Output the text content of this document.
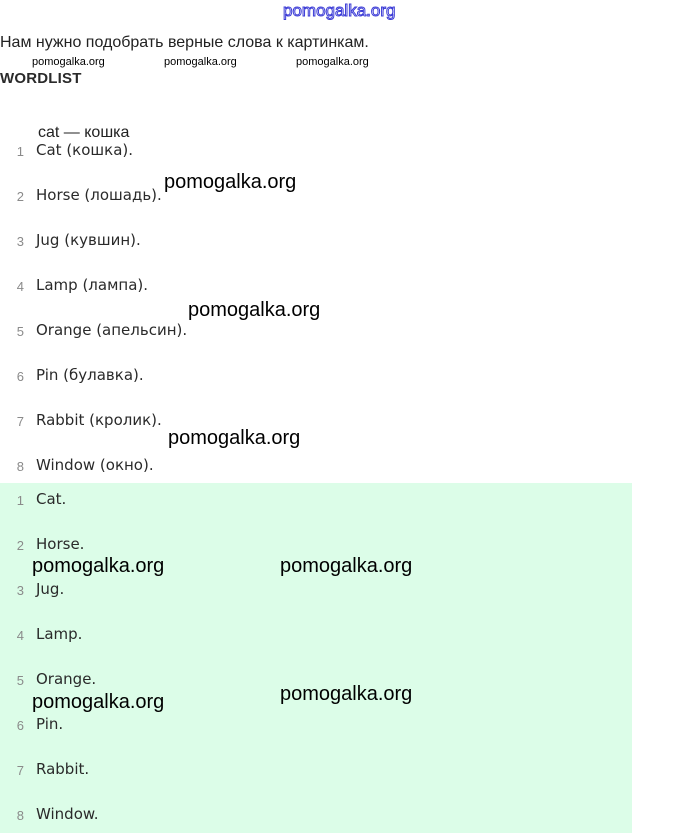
pomogalka.org
Нам нужно подобрать верные слова к картинкам.
pomogalka.org	pomogalka.org	pomogalka.org
WORDLIST
cat — кошка
1 Cat (кошка).
2 Horse (лошадь).
3 Jug (кувшин).
4 Lamp (лампа).
5 Orange (апельсин).
6 Pin (булавка).
7 Rabbit (кролик).
8 Window (окно).
1 Cat.
2 Horse.
3 Jug.
4 Lamp.
5 Orange.
6 Pin.
7 Rabbit.
8 Window.
pomogalka.org
pomogalka.org
pomogalka.org
pomogalka.org	pomogalka.org
pomogalka.org	pomogalka.org
